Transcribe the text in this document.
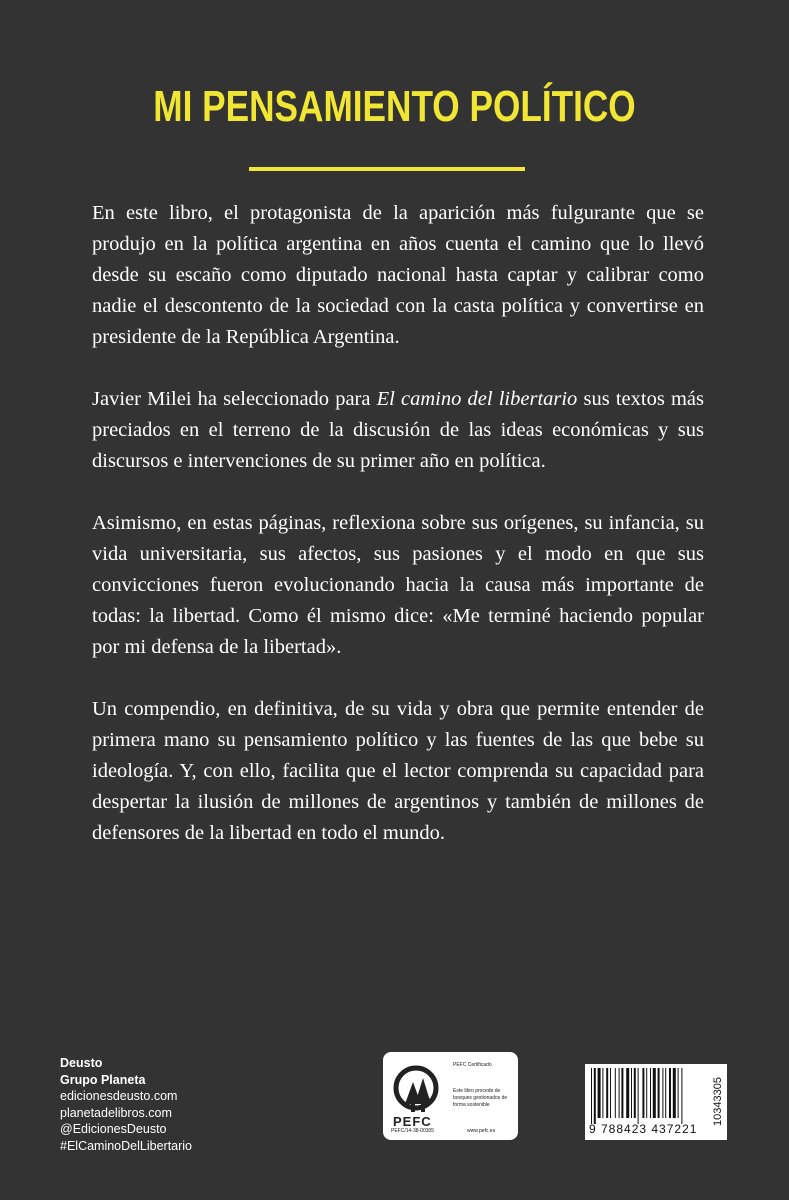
MI PENSAMIENTO POLÍTICO

En este libro, el protagonista de la aparición más fulgurante que se produjo en la política argentina en años cuenta el camino que lo llevó desde su escaño como diputado nacional hasta captar y calibrar como nadie el descontento de la sociedad con la casta política y convertirse en presidente de la República Argentina.

Javier Milei ha seleccionado para El camino del libertario sus textos más preciados en el terreno de la discusión de las ideas económicas y sus discursos e intervenciones de su primer año en política.

Asimismo, en estas páginas, reflexiona sobre sus orígenes, su infancia, su vida universitaria, sus afectos, sus pasiones y el modo en que sus convicciones fueron evolucionando hacia la causa más importante de todas: la libertad. Como él mismo dice: «Me terminé haciendo popular por mi defensa de la libertad».

Un compendio, en definitiva, de su vida y obra que permite entender de primera mano su pensamiento político y las fuentes de las que bebe su ideología. Y, con ello, facilita que el lector comprenda su capacidad para despertar la ilusión de millones de argentinos y también de millones de defensores de la libertad en todo el mundo.

Deusto
Grupo Planeta
edicionesdeusto.com
planetadelibros.com
@EdicionesDeusto
#ElCaminoDelLibertario
PEFC
PEFC Certificado
Este libro procede de bosques gestionados de forma sostenible
PEFC/14-38-00305	www.pefc.es	9 788423 437221
10343305
